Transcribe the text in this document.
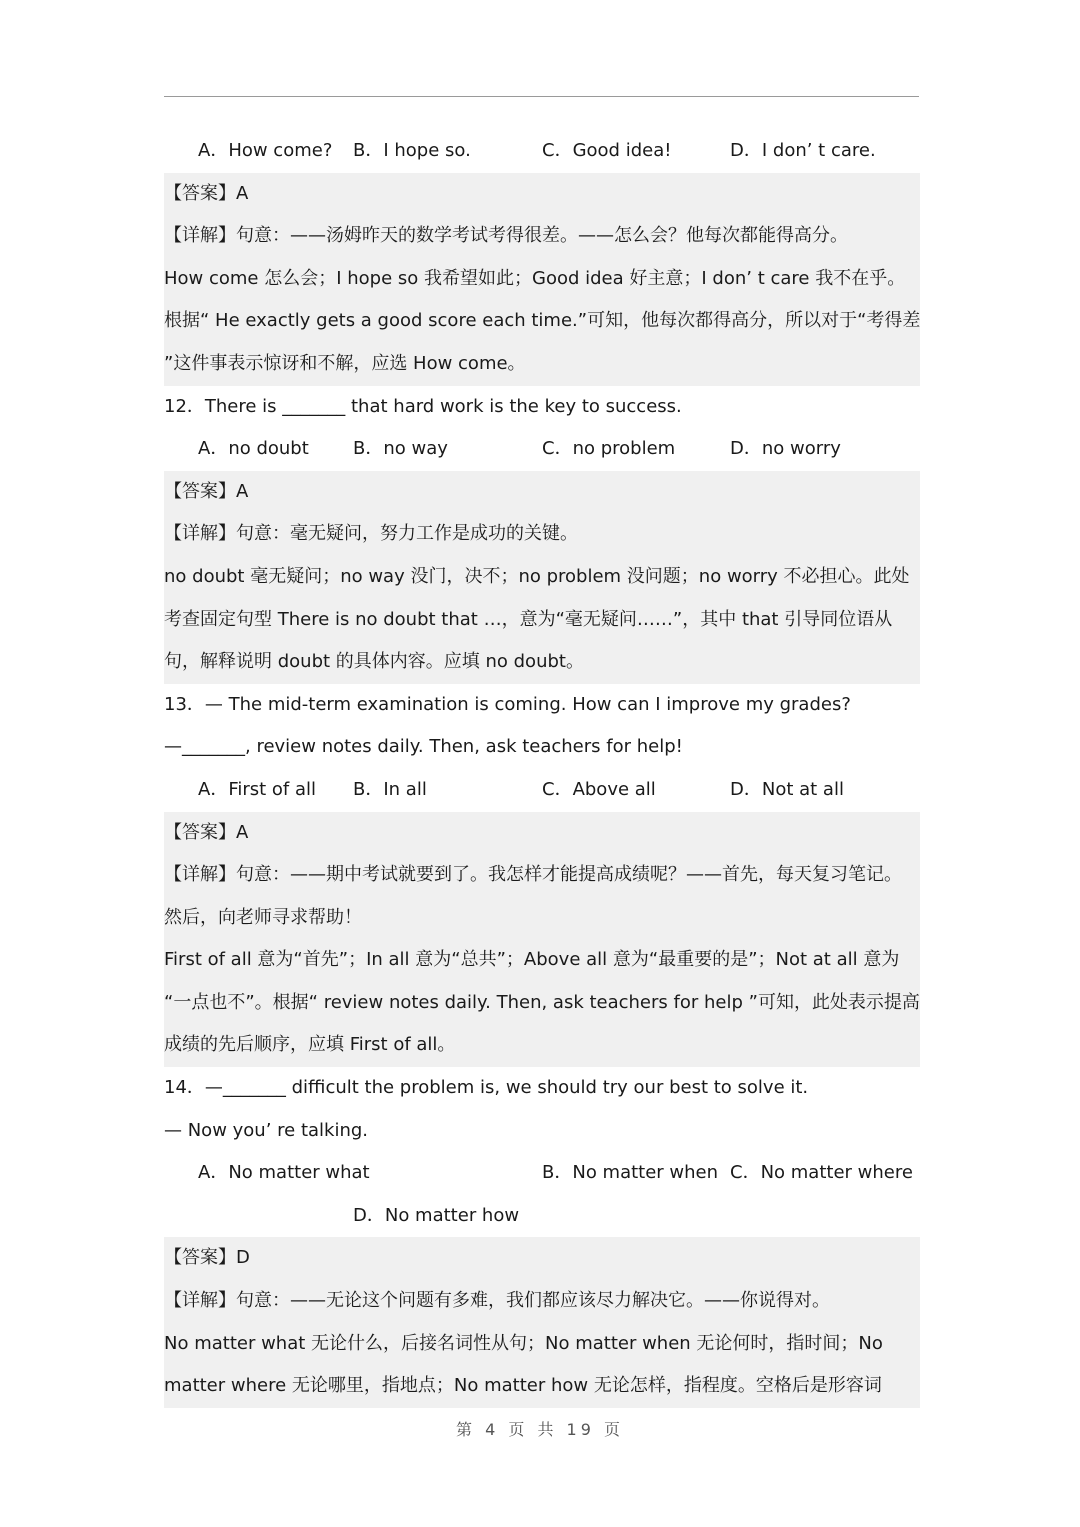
A．How come? B．I hope so.	C．Good idea!	D．I don’ t care.
【答案】A
【详解】句意：——汤姆昨天的数学考试考得很差。——怎么会？他每次都能得高分。
How come 怎么会；I hope so 我希望如此；Good idea 好主意；I don’ t care 我不在乎。
根据“ He exactly gets a good score each time.”可知，他每次都得高分，所以对于“考得差
”这件事表示惊讶和不解，应选 How come。
12．There is _______ that hard work is the key to success.
A．no doubt B．no way	C．no problem	D．no worry
【答案】A
【详解】句意：毫无疑问，努力工作是成功的关键。
no doubt 毫无疑问；no way 没门，决不；no problem 没问题；no worry 不必担心。此处
考查固定句型 There is no doubt that …，意为“毫无疑问……”，其中 that 引导同位语从
句，解释说明 doubt 的具体内容。应填 no doubt。
13．— The mid-term examination is coming. How can I improve my grades?
—_______, review notes daily. Then, ask teachers for help!
A．First of all B．In all	C．Above all	D．Not at all
【答案】A
【详解】句意：——期中考试就要到了。我怎样才能提高成绩呢？——首先，每天复习笔记。
然后，向老师寻求帮助！
First of all 意为“首先”；In all 意为“总共”；Above all 意为“最重要的是”；Not at all 意为
“一点也不”。根据“ review notes daily. Then, ask teachers for help ”可知，此处表示提高
成绩的先后顺序，应填 First of all。
14．—_______ difficult the problem is, we should try our best to solve it.
— Now you’ re talking.
A．No matter what	B．No matter when C．No matter where
D．No matter how
【答案】D
【详解】句意：——无论这个问题有多难，我们都应该尽力解决它。——你说得对。
No matter what 无论什么，后接名词性从句；No matter when 无论何时，指时间；No
matter where 无论哪里，指地点；No matter how 无论怎样，指程度。空格后是形容词
第 4 页 共 19 页
